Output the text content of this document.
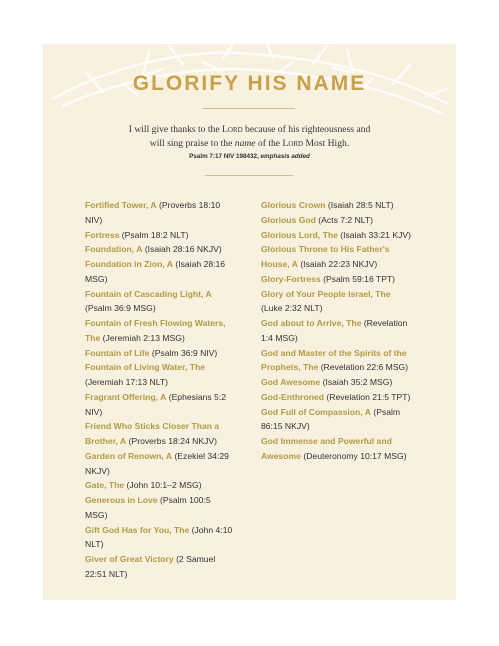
GLORIFY HIS NAME
I will give thanks to the Lord because of his righteousness and
will sing praise to the name of the Lord Most High.
Psalm 7:17 NIV 198432, emphasis added
Fortified Tower, A (Proverbs 18:10 NIV)
Fortress (Psalm 18:2 NLT)
Foundation, A (Isaiah 28:16 NKJV)
Foundation in Zion, A (Isaiah 28:16 MSG)
Fountain of Cascading Light, A (Psalm 36:9 MSG)
Fountain of Fresh Flowing Waters, The (Jeremiah 2:13 MSG)
Fountain of Life (Psalm 36:9 NIV)
Fountain of Living Water, The (Jeremiah 17:13 NLT)
Fragrant Offering, A (Ephesians 5:2 NIV)
Friend Who Sticks Closer Than a Brother, A (Proverbs 18:24 NKJV)
Garden of Renown, A (Ezekiel 34:29 NKJV)
Gate, The (John 10:1–2 MSG)
Generous in Love (Psalm 100:5 MSG)
Gift God Has for You, The (John 4:10 NLT)
Giver of Great Victory (2 Samuel 22:51 NLT)
Glorious Crown (Isaiah 28:5 NLT)
Glorious God (Acts 7:2 NLT)
Glorious Lord, The (Isaiah 33:21 KJV)
Glorious Throne to His Father's House, A (Isaiah 22:23 NKJV)
Glory-Fortress (Psalm 59:16 TPT)
Glory of Your People Israel, The (Luke 2:32 NLT)
God about to Arrive, The (Revelation 1:4 MSG)
God and Master of the Spirits of the Prophets, The (Revelation 22:6 MSG)
God Awesome (Isaiah 35:2 MSG)
God-Enthroned (Revelation 21:5 TPT)
God Full of Compassion, A (Psalm 86:15 NKJV)
God Immense and Powerful and Awesome (Deuteronomy 10:17 MSG)
